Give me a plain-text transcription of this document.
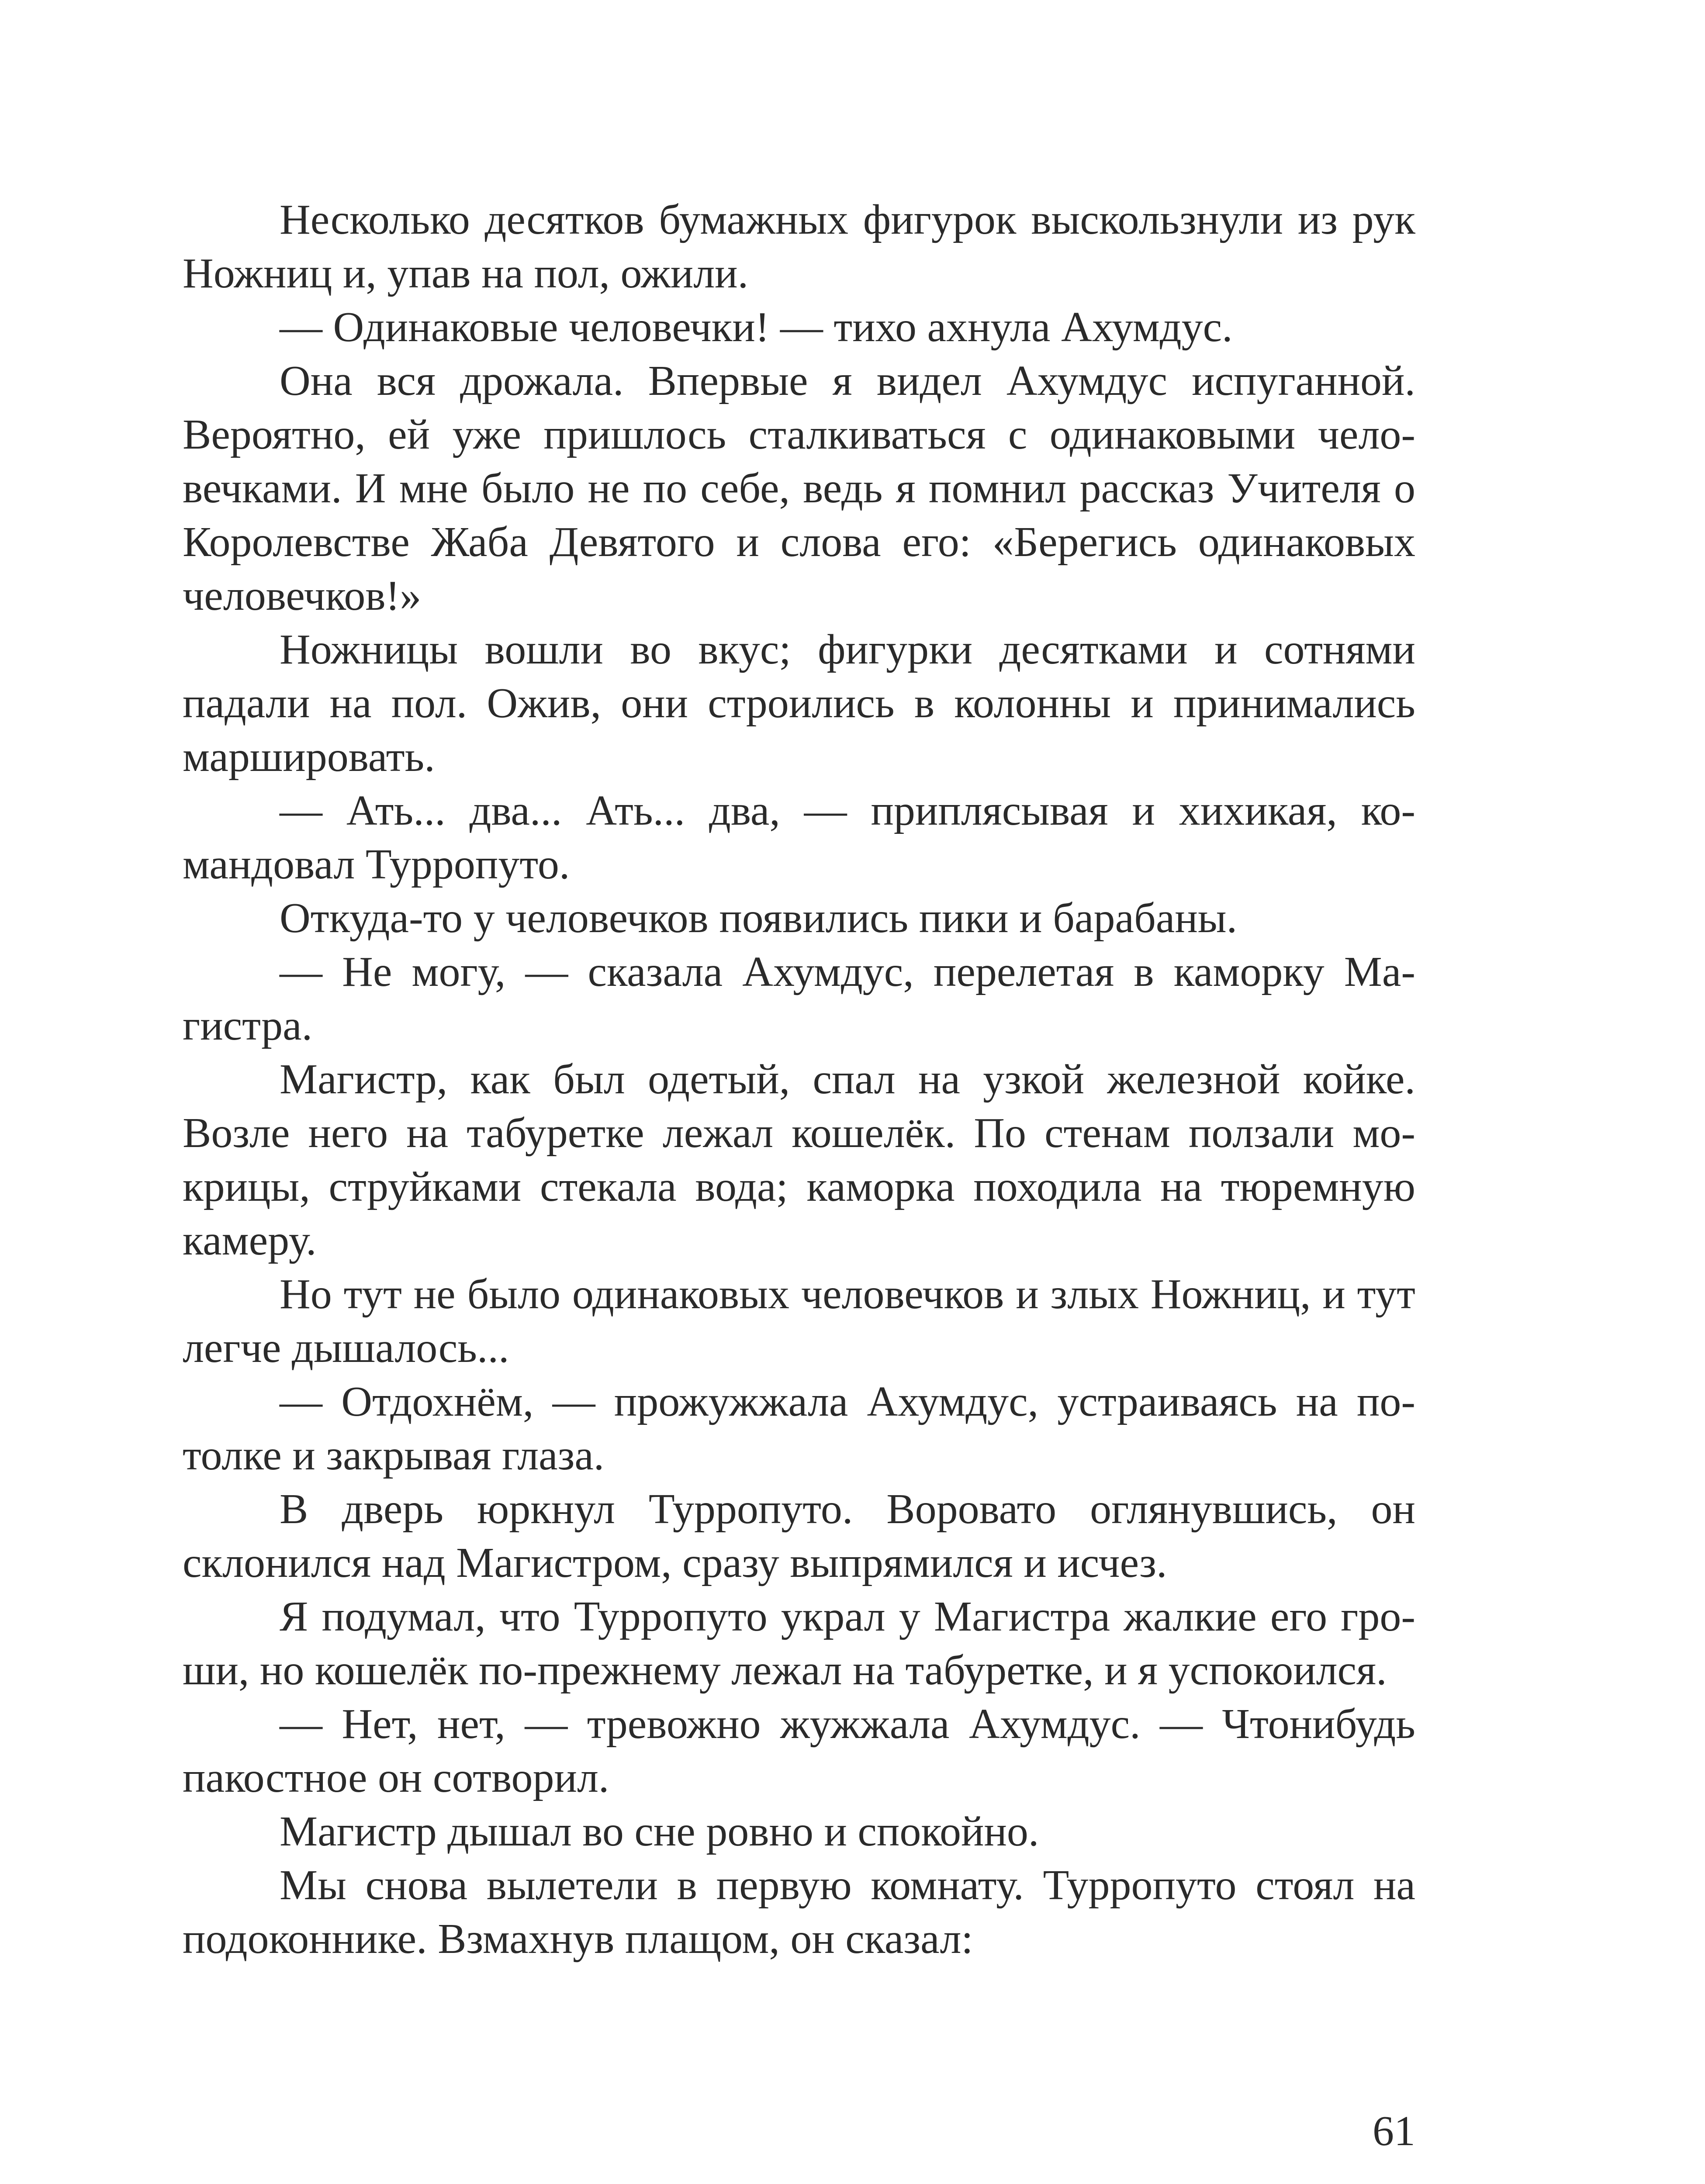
Несколько десятков бумажных фигурок выскользнули из рук Ножниц и, упав на пол, ожили.

— Одинаковые человечки! — тихо ахнула Ахумдус.

Она вся дрожала. Впервые я видел Ахумдус испуганной. Вероятно, ей уже пришлось сталкиваться с одинаковыми человечками. И мне было не по себе, ведь я помнил рассказ Учителя о Королевстве Жаба Девятого и слова его: «Берегись одинаковых человечков!»

Ножницы вошли во вкус; фигурки десятками и сотнями падали на пол. Ожив, они строились в колонны и принимались маршировать.

— Ать... два... Ать... два, — приплясывая и хихикая, командовал Турропуто.

Откуда-то у человечков появились пики и барабаны.

— Не могу, — сказала Ахумдус, перелетая в каморку Магистра.

Магистр, как был одетый, спал на узкой железной койке. Возле него на табуретке лежал кошелёк. По стенам ползали мокрицы, струйками стекала вода; каморка походила на тюремную камеру.

Но тут не было одинаковых человечков и злых Ножниц, и тут легче дышалось...

— Отдохнём, — прожужжала Ахумдус, устраиваясь на потолке и закрывая глаза.

В дверь юркнул Турропуто. Воровато оглянувшись, он склонился над Магистром, сразу выпрямился и исчез.

Я подумал, что Турропуто украл у Магистра жалкие его гроши, но кошелёк по-прежнему лежал на табуретке, и я успокоился.

— Нет, нет, — тревожно жужжала Ахумдус. — Чтонибудь пакостное он сотворил.

Магистр дышал во сне ровно и спокойно.

Мы снова вылетели в первую комнату. Турропуто стоял на подоконнике. Взмахнув плащом, он сказал:

61
